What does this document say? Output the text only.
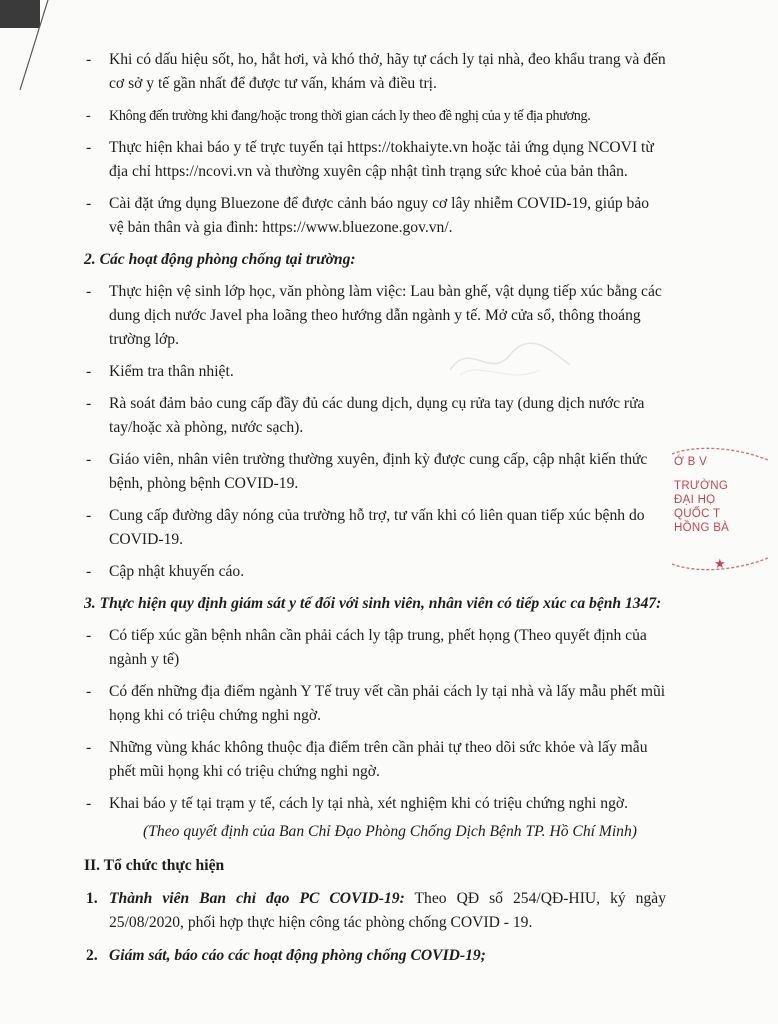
- Khi có dấu hiệu sốt, ho, hắt hơi, và khó thở, hãy tự cách ly tại nhà, đeo khẩu trang và đến cơ sở y tế gần nhất để được tư vấn, khám và điều trị.
- Không đến trường khi đang/hoặc trong thời gian cách ly theo đề nghị của y tế địa phương.
- Thực hiện khai báo y tế trực tuyến tại https://tokhaiyte.vn hoặc tải ứng dụng NCOVI từ địa chỉ https://ncovi.vn và thường xuyên cập nhật tình trạng sức khoẻ của bản thân.
- Cài đặt ứng dụng Bluezone để được cảnh báo nguy cơ lây nhiễm COVID-19, giúp bảo vệ bản thân và gia đình: https://www.bluezone.gov.vn/.
2. Các hoạt động phòng chống tại trường:
- Thực hiện vệ sinh lớp học, văn phòng làm việc: Lau bàn ghế, vật dụng tiếp xúc bằng các dung dịch nước Javel pha loãng theo hướng dẫn ngành y tế. Mở cửa sổ, thông thoáng trường lớp.
- Kiểm tra thân nhiệt.
- Rà soát đảm bảo cung cấp đầy đủ các dung dịch, dụng cụ rửa tay (dung dịch nước rửa tay/hoặc xà phòng, nước sạch).
- Giáo viên, nhân viên trường thường xuyên, định kỳ được cung cấp, cập nhật kiến thức bệnh, phòng bệnh COVID-19.
- Cung cấp đường dây nóng của trường hỗ trợ, tư vấn khi có liên quan tiếp xúc bệnh do COVID-19.
- Cập nhật khuyến cáo.
3. Thực hiện quy định giám sát y tế đối với sinh viên, nhân viên có tiếp xúc ca bệnh 1347:
- Có tiếp xúc gần bệnh nhân cần phải cách ly tập trung, phết họng (Theo quyết định của ngành y tế)
- Có đến những địa điểm ngành Y Tế truy vết cần phải cách ly tại nhà và lấy mẫu phết mũi họng khi có triệu chứng nghi ngờ.
- Những vùng khác không thuộc địa điểm trên cần phải tự theo dõi sức khỏe và lấy mẫu phết mũi họng khi có triệu chứng nghi ngờ.
- Khai báo y tế tại trạm y tế, cách ly tại nhà, xét nghiệm khi có triệu chứng nghi ngờ.
(Theo quyết định của Ban Chỉ Đạo Phòng Chống Dịch Bệnh TP. Hồ Chí Minh)
II. Tổ chức thực hiện
1. Thành viên Ban chỉ đạo PC COVID-19: Theo QĐ số 254/QĐ-HIU, ký ngày 25/08/2020, phối hợp thực hiện công tác phòng chống COVID - 19.
2. Giám sát, báo cáo các hoạt động phòng chống COVID-19;
★
Ớ B V
TRƯỜNG
ĐẠI HỌ
QUỐC T
HỒNG BÀ
